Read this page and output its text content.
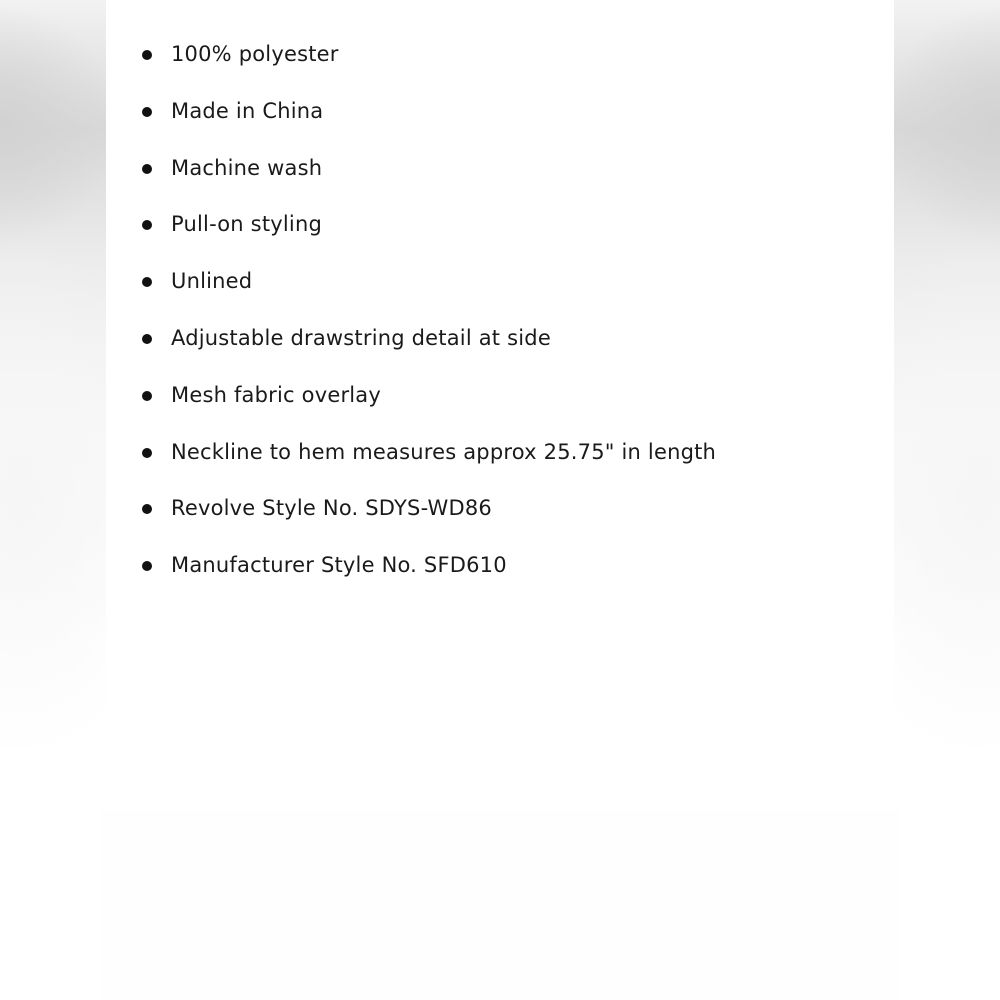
100% polyester
Made in China
Machine wash
Pull-on styling
Unlined
Adjustable drawstring detail at side
Mesh fabric overlay
Neckline to hem measures approx 25.75" in length
Revolve Style No. SDYS-WD86
Manufacturer Style No. SFD610
